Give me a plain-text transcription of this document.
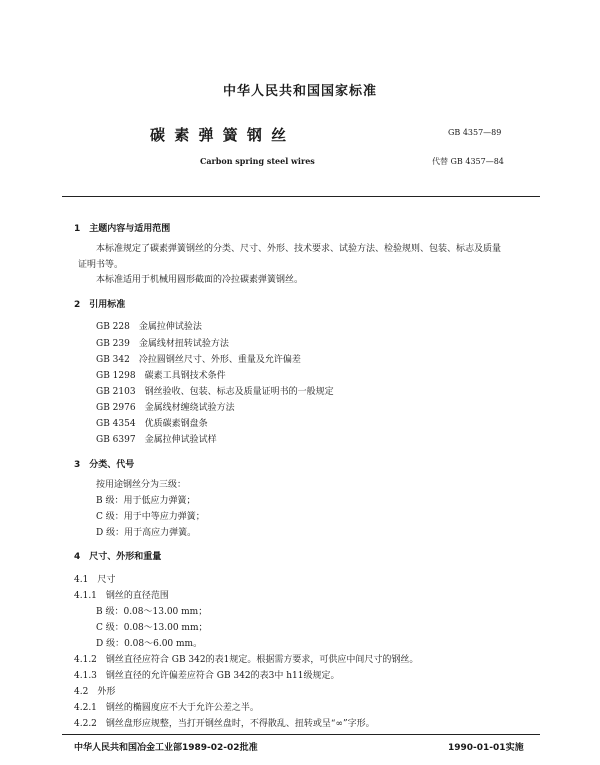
中华人民共和国国家标准
碳 素 弹 簧 钢 丝	GB 4357—89
Carbon spring steel wires	代替 GB 4357—84
1　主题内容与适用范围
本标准规定了碳素弹簧钢丝的分类、尺寸、外形、技术要求、试验方法、检验规则、包装、标志及质量
证明书等。
本标准适用于机械用圆形截面的冷拉碳素弹簧钢丝。
2　引用标准
GB 228　金属拉伸试验法
GB 239　金属线材扭转试验方法
GB 342　冷拉圆钢丝尺寸、外形、重量及允许偏差
GB 1298　碳素工具钢技术条件
GB 2103　钢丝验收、包装、标志及质量证明书的一般规定
GB 2976　金属线材缠绕试验方法
GB 4354　优质碳素钢盘条
GB 6397　金属拉伸试验试样
3　分类、代号
按用途钢丝分为三级：
B 级：用于低应力弹簧；
C 级：用于中等应力弹簧；
D 级：用于高应力弹簧。
4　尺寸、外形和重量
4.1　尺寸
4.1.1　钢丝的直径范围
B 级：0.08～13.00 mm；
C 级：0.08～13.00 mm；
D 级：0.08～6.00 mm。
4.1.2　钢丝直径应符合 GB 342的表1规定。根据需方要求，可供应中间尺寸的钢丝。
4.1.3　钢丝直径的允许偏差应符合 GB 342的表3中 h11级规定。
4.2　外形
4.2.1　钢丝的椭圆度应不大于允许公差之半。
4.2.2　钢丝盘形应规整，当打开钢丝盘时，不得散乱、扭转或呈“∞”字形。
中华人民共和国冶金工业部1989-02-02批准	1990-01-01实施
